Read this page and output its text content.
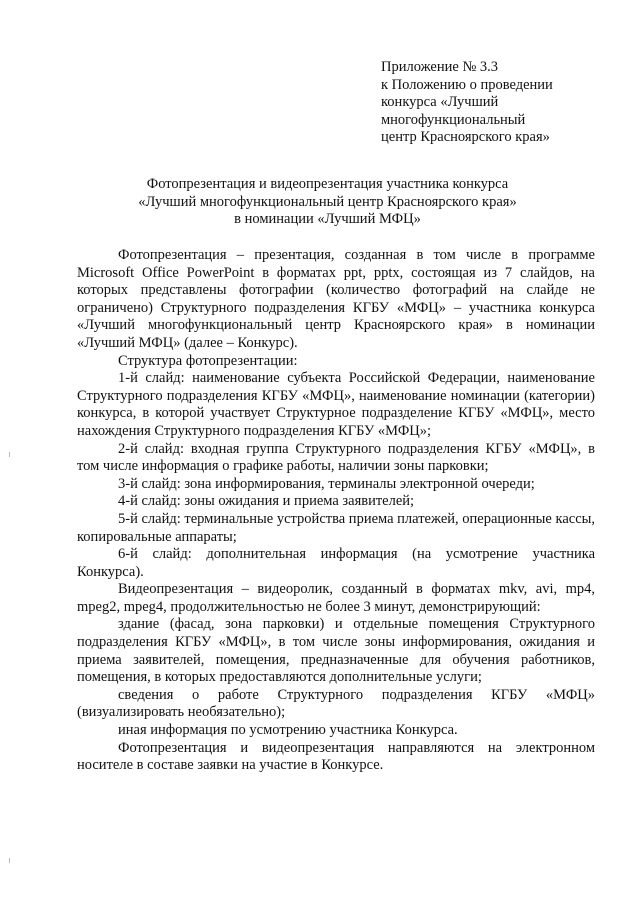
Приложение № 3.3
к Положению о проведении
конкурса «Лучший
многофункциональный
центр Красноярского края»
Фотопрезентация и видеопрезентация участника конкурса
«Лучший многофункциональный центр Красноярского края»
в номинации «Лучший МФЦ»

Фотопрезентация – презентация, созданная в том числе в программе Microsoft Office PowerPoint в форматах ppt, pptx, состоящая из 7 слайдов, на которых представлены фотографии (количество фотографий на слайде не ограничено) Структурного подразделения КГБУ «МФЦ» – участника конкурса «Лучший многофункциональный центр Красноярского края» в номинации «Лучший МФЦ» (далее – Конкурс).

Структура фотопрезентации:

1-й слайд: наименование субъекта Российской Федерации, наименование Структурного подразделения КГБУ «МФЦ», наименование номинации (категории) конкурса, в которой участвует Структурное подразделение КГБУ «МФЦ», место нахождения Структурного подразделения КГБУ «МФЦ»;

2-й слайд: входная группа Структурного подразделения КГБУ «МФЦ», в том числе информация о графике работы, наличии зоны парковки;

3-й слайд: зона информирования, терминалы электронной очереди;

4-й слайд: зоны ожидания и приема заявителей;

5-й слайд: терминальные устройства приема платежей, операционные кассы, копировальные аппараты;

6-й слайд: дополнительная информация (на усмотрение участника Конкурса).

Видеопрезентация – видеоролик, созданный в форматах mkv, avi, mp4, mpeg2, mpeg4, продолжительностью не более 3 минут, демонстрирующий:

здание (фасад, зона парковки) и отдельные помещения Структурного подразделения КГБУ «МФЦ», в том числе зоны информирования, ожидания и приема заявителей, помещения, предназначенные для обучения работников, помещения, в которых предоставляются дополнительные услуги;

сведения о работе Структурного подразделения КГБУ «МФЦ» (визуализировать необязательно);

иная информация по усмотрению участника Конкурса.

Фотопрезентация и видеопрезентация направляются на электронном носителе в составе заявки на участие в Конкурсе.
